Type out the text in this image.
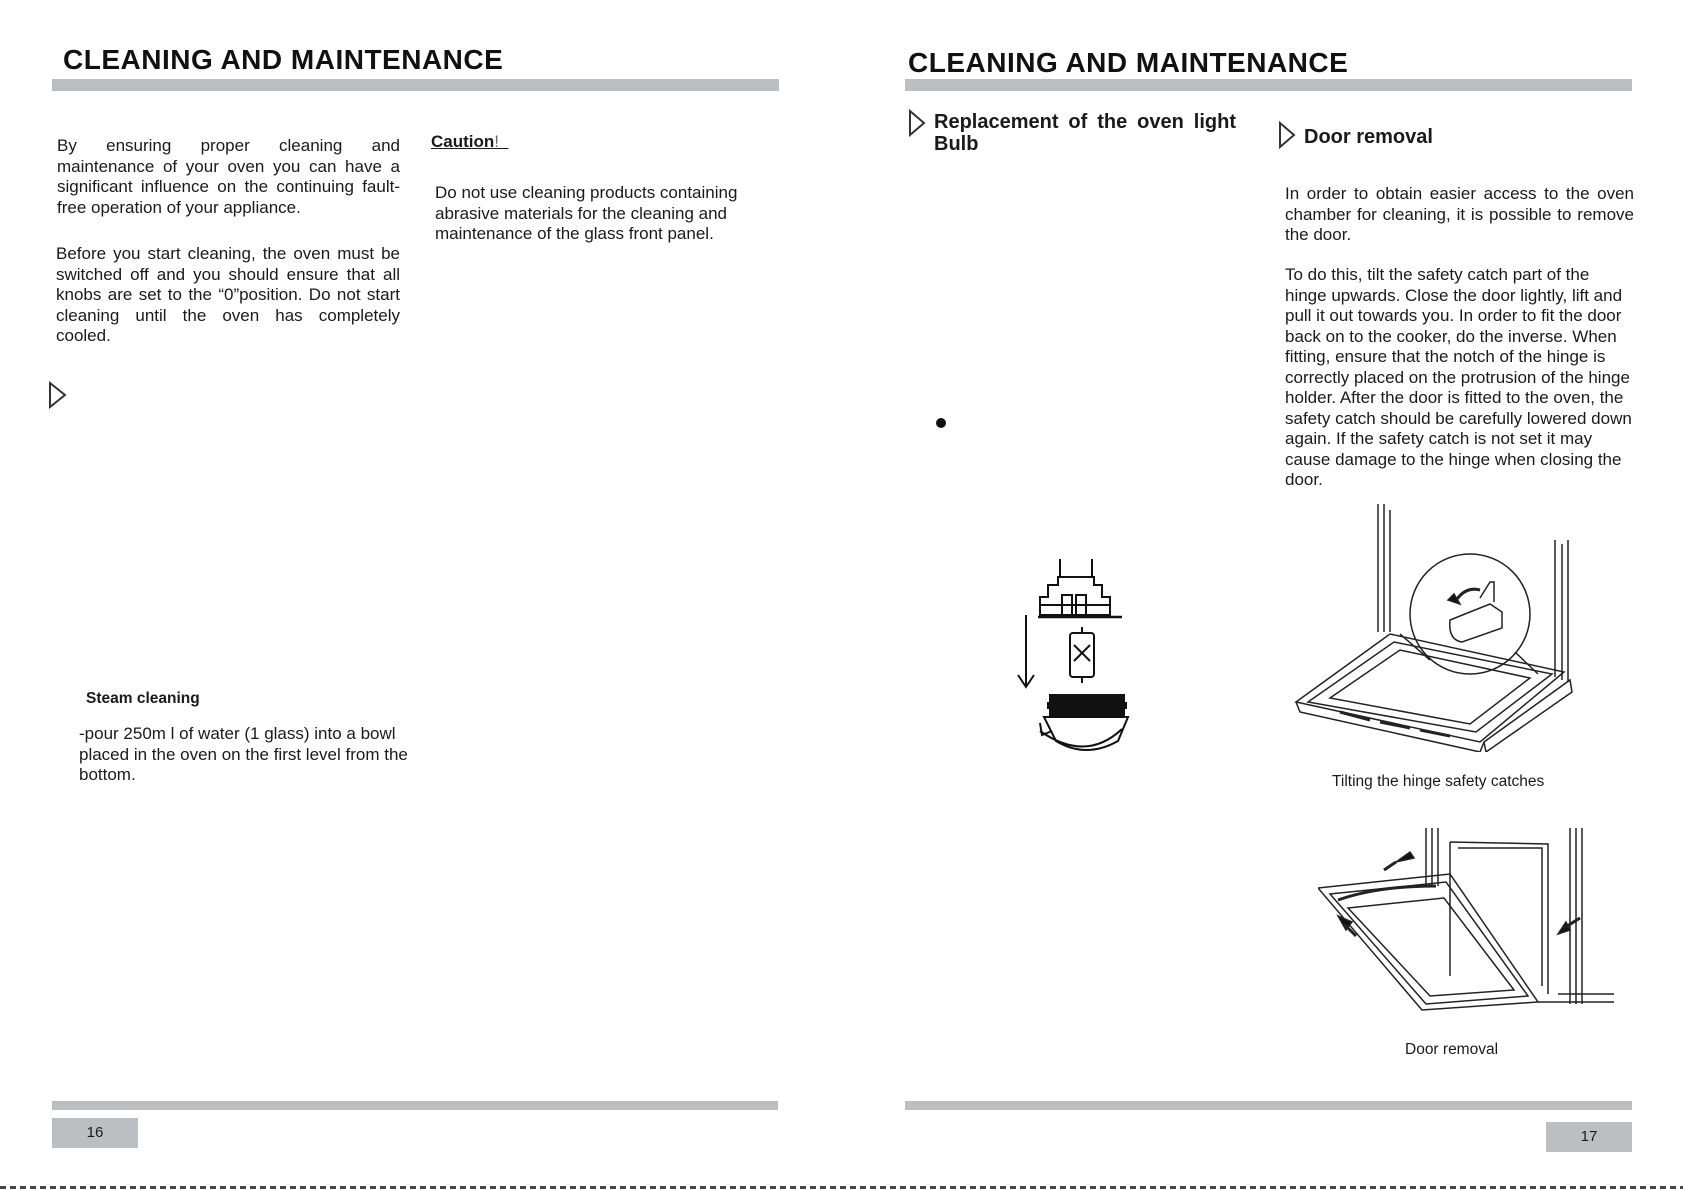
CLEANING AND MAINTENANCE
By ensuring proper cleaning and maintenance of your oven you can have a significant influence on the continuing fault-free operation of your appliance.
Before you start cleaning, the oven must be switched off and you should ensure that all knobs are set to the “0”position. Do not start cleaning until the oven has completely cooled.
Caution!
Do not use cleaning products containing abrasive materials for the cleaning and maintenance of the glass front panel.
Steam cleaning
-pour 250m l of water (1 glass) into a bowl placed in the oven on the first level from the bottom.
16
CLEANING AND MAINTENANCE
Replacement of the oven light Bulb	Door removal
In order to obtain easier access to the oven chamber for cleaning, it is possible to remove the door.
To do this, tilt the safety catch part of the hinge upwards. Close the door lightly, lift and pull it out towards you. In order to fit the door back on to the cooker, do the inverse. When fitting, ensure that the notch of the hinge is correctly placed on the protrusion of the hinge holder. After the door is fitted to the oven, the safety catch should be carefully lowered down again. If the safety catch is not set it may cause damage to the hinge when closing the door.
Tilting the hinge safety catches
Door removal
17
